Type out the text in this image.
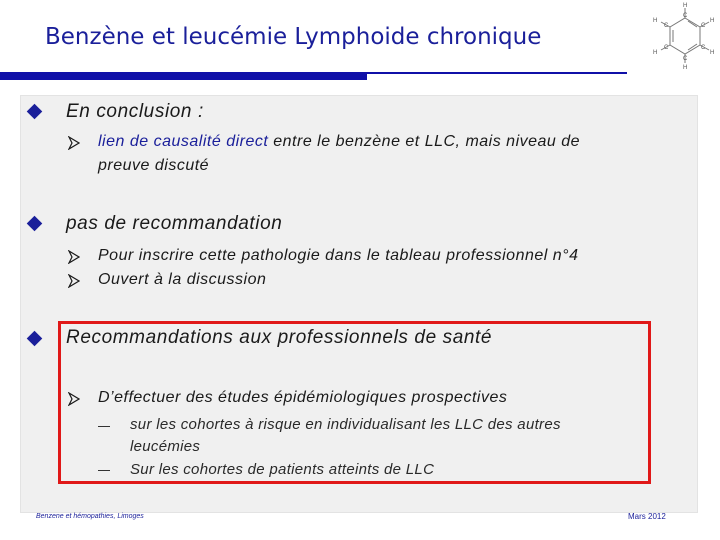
Benzène et leucémie Lymphoide chronique
H
H
H
H
H
H
C
C
C
C
C
C
En conclusion :
lien de causalité direct entre le benzène et LLC, mais niveau de
preuve discuté
pas de recommandation
Pour inscrire cette pathologie dans le tableau professionnel n°4
Ouvert à la discussion
Recommandations aux professionnels de santé
D’effectuer des études épidémiologiques prospectives
sur les cohortes à risque en individualisant les LLC des autres
leucémies
Sur les cohortes de patients atteints de LLC
Benzene et hémopathies, Limoges	Mars 2012
